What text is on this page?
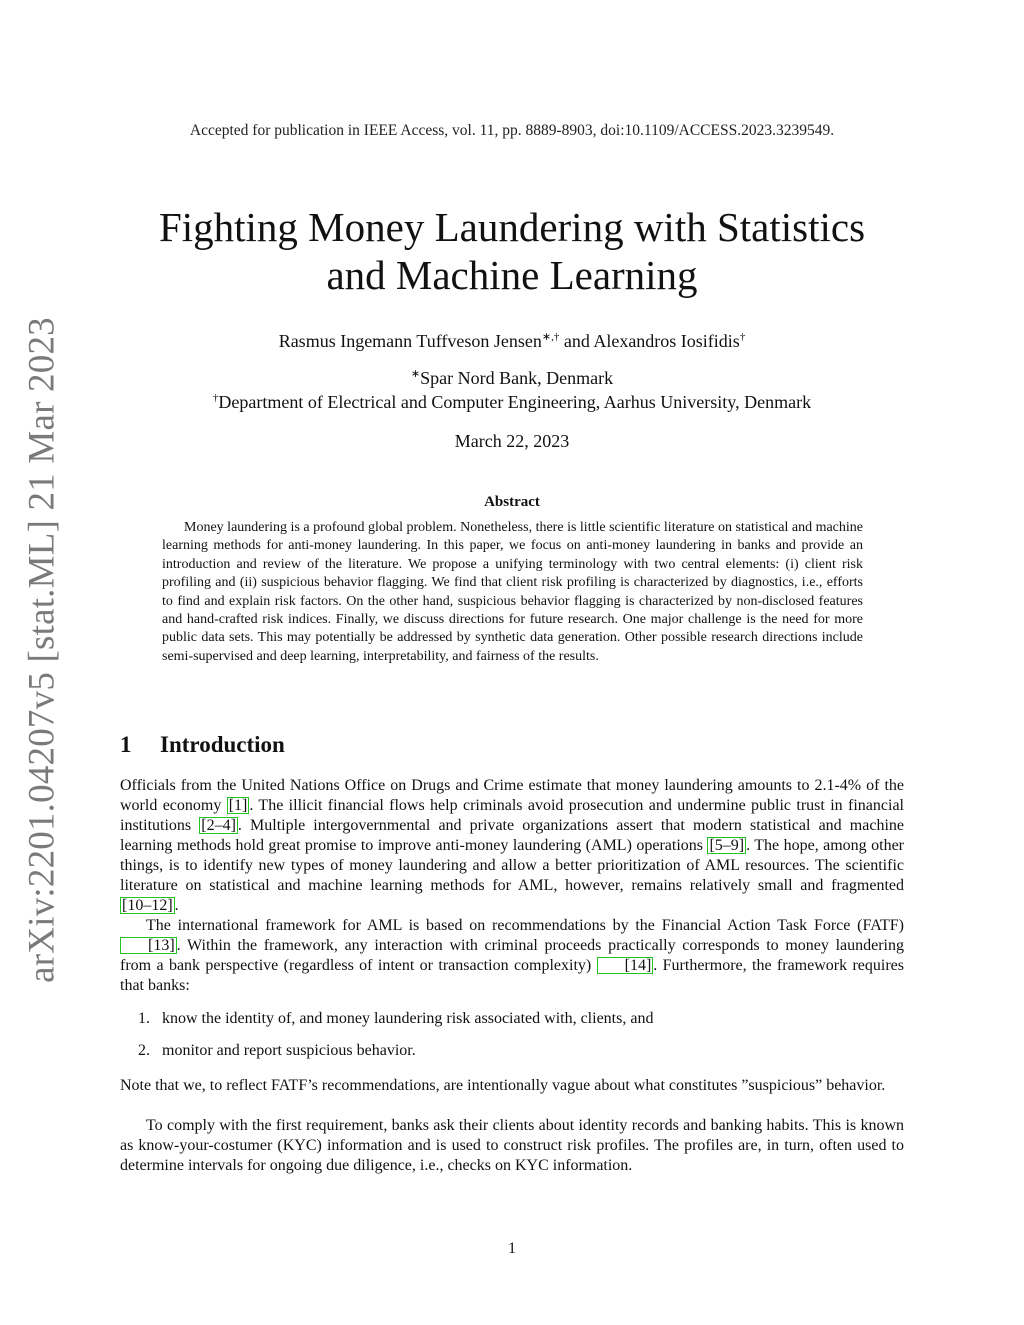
arXiv:2201.04207v5 [stat.ML] 21 Mar 2023
Accepted for publication in IEEE Access, vol. 11, pp. 8889-8903, doi:10.1109/ACCESS.2023.3239549.
Fighting Money Laundering with Statistics
and Machine Learning
Rasmus Ingemann Tuffveson Jensen∗,† and Alexandros Iosifidis†
∗Spar Nord Bank, Denmark
†Department of Electrical and Computer Engineering, Aarhus University, Denmark
March 22, 2023
Abstract
Money laundering is a profound global problem. Nonetheless, there is little scientific literature on statistical and machine learning methods for anti-money laundering. In this paper, we focus on anti-money laundering in banks and provide an introduction and review of the literature. We propose a unifying terminology with two central elements: (i) client risk profiling and (ii) suspicious behavior flagging. We find that client risk profiling is characterized by diagnostics, i.e., efforts to find and explain risk factors. On the other hand, suspicious behavior flagging is characterized by non-disclosed features and hand-crafted risk indices. Finally, we discuss directions for future research. One major challenge is the need for more public data sets. This may potentially be addressed by synthetic data generation. Other possible research directions include semi-supervised and deep learning, interpretability, and fairness of the results.
1 Introduction

Officials from the United Nations Office on Drugs and Crime estimate that money laundering amounts to 2.1-4% of the world economy [1] . The illicit financial flows help criminals avoid prosecution and undermine public trust in financial institutions [2–4] . Multiple intergovernmental and private organizations assert that modern statistical and machine learning methods hold great promise to improve anti-money laundering (AML) operations [5–9] . The hope, among other things, is to identify new types of money laundering and allow a better prioritization of AML resources. The scientific literature on statistical and machine learning methods for AML, however, remains relatively small and fragmented [10–12] .

The international framework for AML is based on recommendations by the Financial Action Task Force (FATF) [13] . Within the framework, any interaction with criminal proceeds practically corresponds to money laundering from a bank perspective (regardless of intent or transaction complexity) [14] . Furthermore, the framework requires that banks:

1. know the identity of, and money laundering risk associated with, clients, and
2. monitor and report suspicious behavior.

Note that we, to reflect FATF’s recommendations, are intentionally vague about what constitutes ”suspicious” behavior.

To comply with the first requirement, banks ask their clients about identity records and banking habits. This is known as know-your-costumer (KYC) information and is used to construct risk profiles. The profiles are, in turn, often used to determine intervals for ongoing due diligence, i.e., checks on KYC information.

1
